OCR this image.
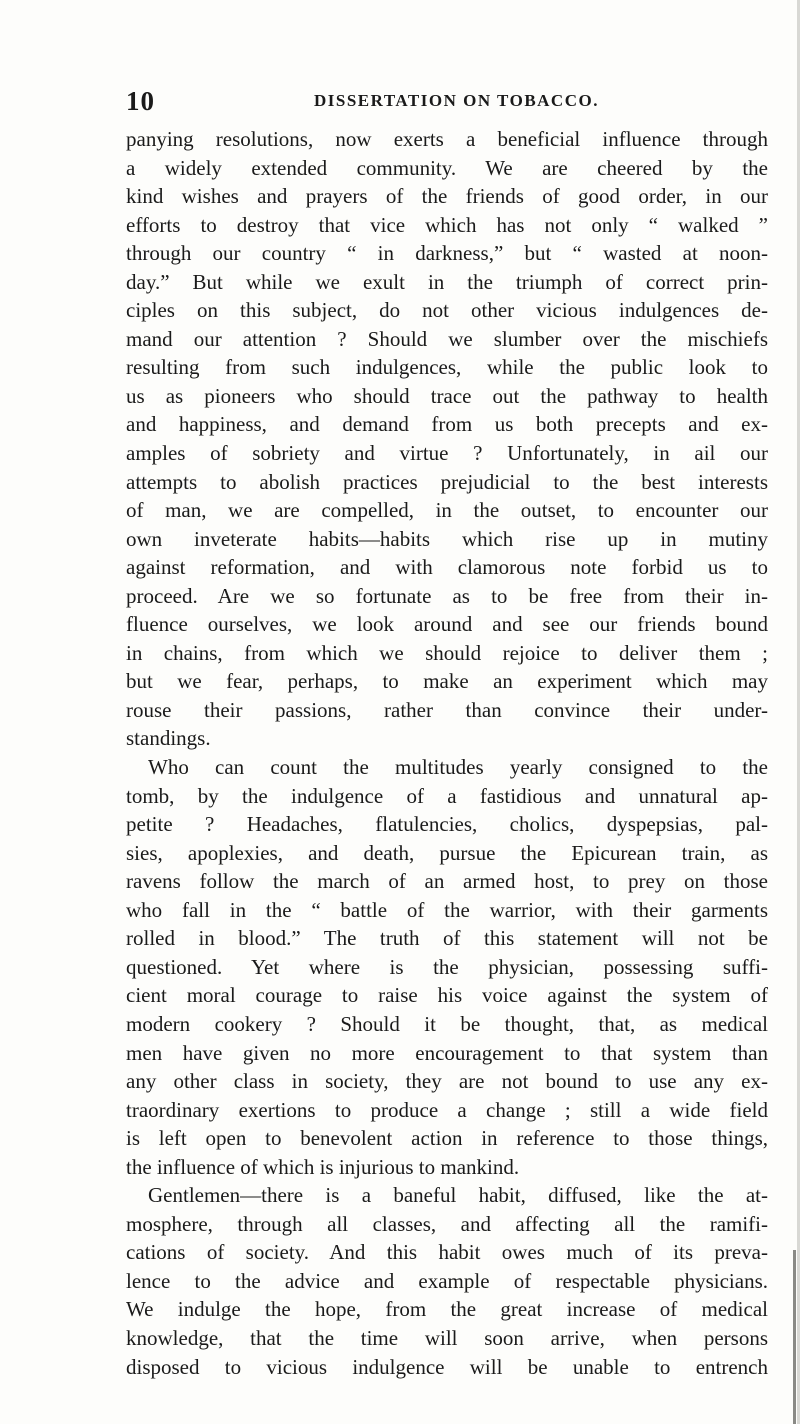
10	DISSERTATION ON TOBACCO.
panying resolutions, now exerts a beneficial influence through
a widely extended community. We are cheered by the
kind wishes and prayers of the friends of good order, in our
efforts to destroy that vice which has not only “ walked ”
through our country “ in darkness,” but “ wasted at noon-
day.” But while we exult in the triumph of correct prin-
ciples on this subject, do not other vicious indulgences de-
mand our attention ? Should we slumber over the mischiefs
resulting from such indulgences, while the public look to
us as pioneers who should trace out the pathway to health
and happiness, and demand from us both precepts and ex-
amples of sobriety and virtue ? Unfortunately, in ail our
attempts to abolish practices prejudicial to the best interests
of man, we are compelled, in the outset, to encounter our
own inveterate habits—habits which rise up in mutiny
against reformation, and with clamorous note forbid us to
proceed. Are we so fortunate as to be free from their in-
fluence ourselves, we look around and see our friends bound
in chains, from which we should rejoice to deliver them ;
but we fear, perhaps, to make an experiment which may
rouse their passions, rather than convince their under-
standings.
Who can count the multitudes yearly consigned to the
tomb, by the indulgence of a fastidious and unnatural ap-
petite ? Headaches, flatulencies, cholics, dyspepsias, pal-
sies, apoplexies, and death, pursue the Epicurean train, as
ravens follow the march of an armed host, to prey on those
who fall in the “ battle of the warrior, with their garments
rolled in blood.” The truth of this statement will not be
questioned. Yet where is the physician, possessing suffi-
cient moral courage to raise his voice against the system of
modern cookery ? Should it be thought, that, as medical
men have given no more encouragement to that system than
any other class in society, they are not bound to use any ex-
traordinary exertions to produce a change ; still a wide field
is left open to benevolent action in reference to those things,
the influence of which is injurious to mankind.
Gentlemen—there is a baneful habit, diffused, like the at-
mosphere, through all classes, and affecting all the ramifi-
cations of society. And this habit owes much of its preva-
lence to the advice and example of respectable physicians.
We indulge the hope, from the great increase of medical
knowledge, that the time will soon arrive, when persons
disposed to vicious indulgence will be unable to entrench
